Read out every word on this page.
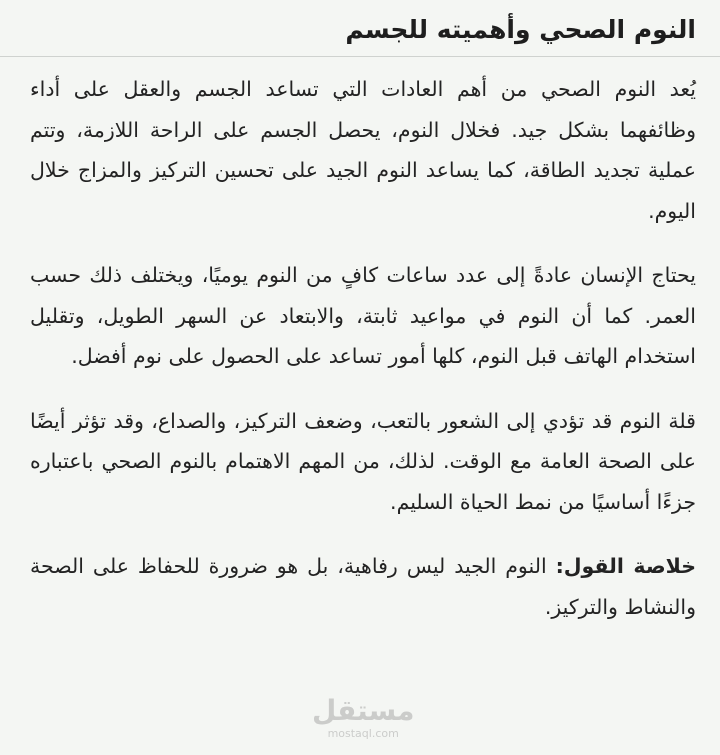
النوم الصحي وأهميته للجسم

يُعد النوم الصحي من أهم العادات التي تساعد الجسم والعقل على أداء وظائفهما بشكل جيد. فخلال النوم، يحصل الجسم على الراحة اللازمة، وتتم عملية تجديد الطاقة، كما يساعد النوم الجيد على تحسين التركيز والمزاج خلال اليوم.

يحتاج الإنسان عادةً إلى عدد ساعات كافٍ من النوم يوميًا، ويختلف ذلك حسب العمر. كما أن النوم في مواعيد ثابتة، والابتعاد عن السهر الطويل، وتقليل استخدام الهاتف قبل النوم، كلها أمور تساعد على الحصول على نوم أفضل.

قلة النوم قد تؤدي إلى الشعور بالتعب، وضعف التركيز، والصداع، وقد تؤثر أيضًا على الصحة العامة مع الوقت. لذلك، من المهم الاهتمام بالنوم الصحي باعتباره جزءًا أساسيًا من نمط الحياة السليم.

خلاصة القول: النوم الجيد ليس رفاهية، بل هو ضرورة للحفاظ على الصحة والنشاط والتركيز.

مستقل
mostaql.com
